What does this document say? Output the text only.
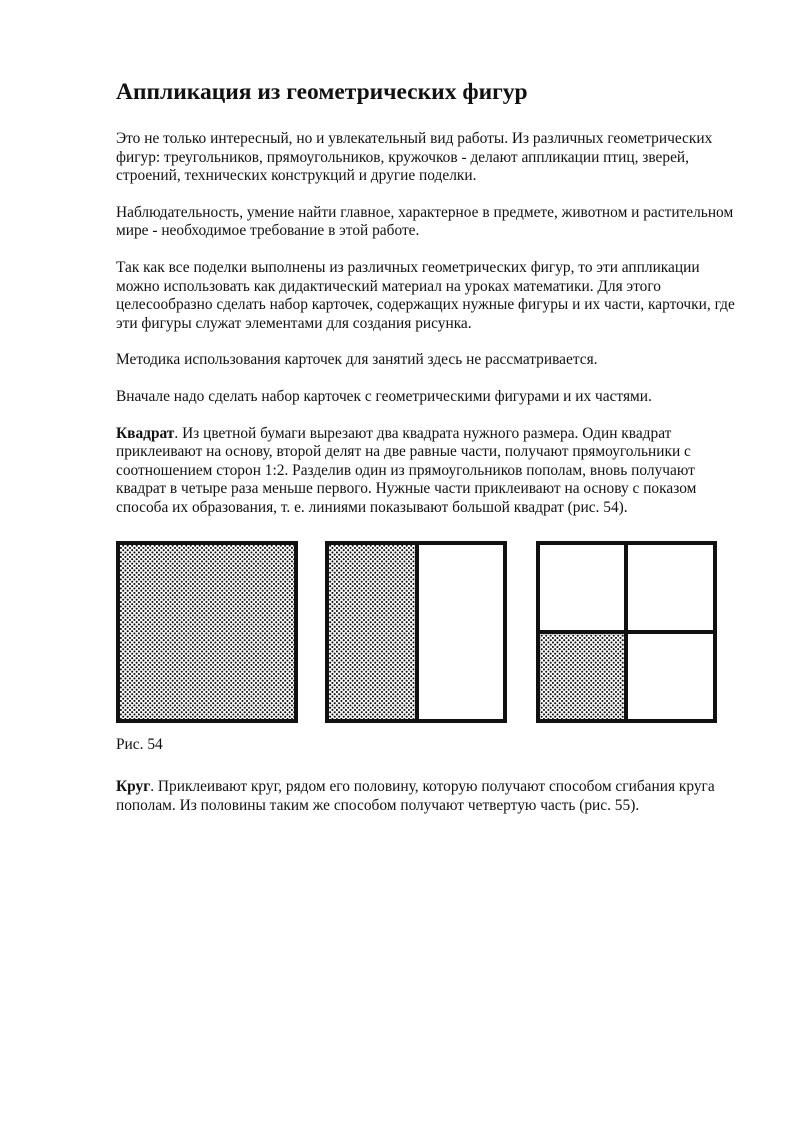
Аппликация из геометрических фигур

Это не только интересный, но и увлекательный вид работы. Из различных геометрических фигур: треугольников, прямоугольников, кружочков - делают аппликации птиц, зверей, строений, технических конструкций и другие поделки.

Наблюдательность, умение найти главное, характерное в предмете, животном и растительном мире - необходимое требование в этой работе.

Так как все поделки выполнены из различных геометрических фигур, то эти аппликации можно использовать как дидактический материал на уроках математики. Для этого целесообразно сделать набор карточек, содержащих нужные фигуры и их части, карточки, где эти фигуры служат элементами для создания рисунка.

Методика использования карточек для занятий здесь не рассматривается.

Вначале надо сделать набор карточек с геометрическими фигурами и их частями.

Квадрат. Из цветной бумаги вырезают два квадрата нужного размера. Один квадрат приклеивают на основу, второй делят на две равные части, получают прямоугольники с соотношением сторон 1:2. Разделив один из прямоугольников пополам, вновь получают квадрат в четыре раза меньше первого. Нужные части приклеивают на основу с показом способа их образования, т. е. линиями показывают большой квадрат (рис. 54).

Рис. 54

Круг. Приклеивают круг, рядом его половину, которую получают способом сгибания круга пополам. Из половины таким же способом получают четвертую часть (рис. 55).
